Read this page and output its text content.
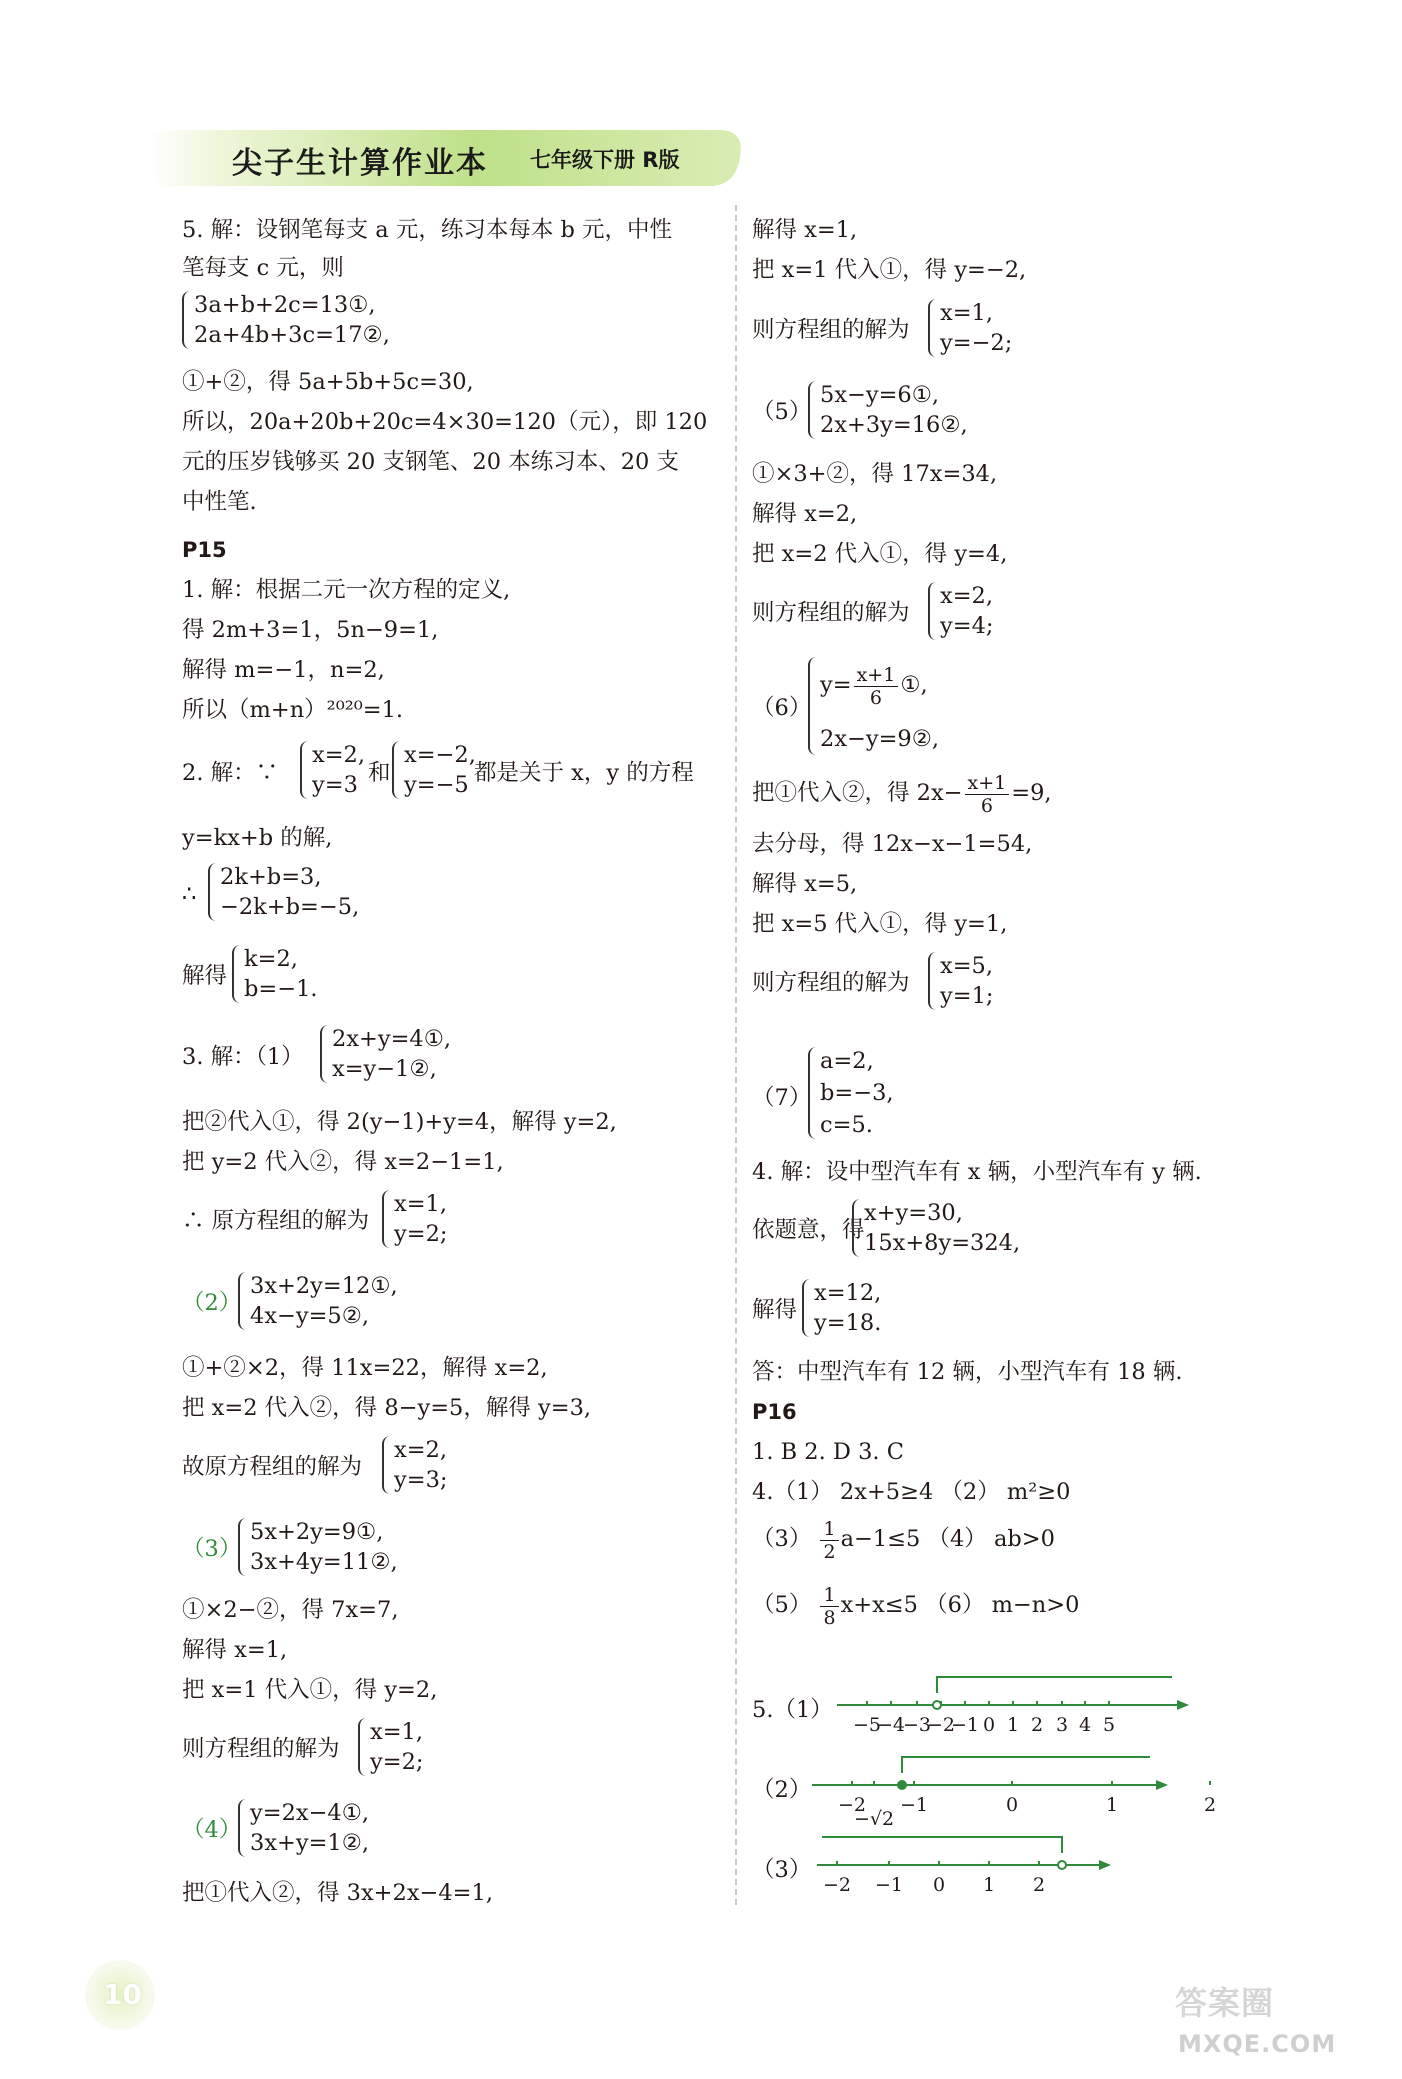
尖子生计算作业本 七年级下册 R版
5. 解：设钢笔每支 a 元，练习本每本 b 元，中性
笔每支 c 元，则
3a+b+2c=13①,
2a+4b+3c=17②,
①+②，得 5a+5b+5c=30,
所以，20a+20b+20c=4×30=120（元），即 120
元的压岁钱够买 20 支钢笔、20 本练习本、20 支
中性笔.
P15
1. 解：根据二元一次方程的定义,
得 2m+3=1，5n−9=1,
解得 m=−1，n=2,
所以（m+n）²⁰²⁰=1.
2. 解：∵
x=2,
y=3 和
x=−2,
y=−5 都是关于 x，y 的方程
y=kx+b 的解,
∴
2k+b=3,
−2k+b=−5,
解得
k=2,
b=−1.
3. 解：（1）
2x+y=4①,
x=y−1②,
把②代入①，得 2(y−1)+y=4，解得 y=2,
把 y=2 代入②，得 x=2−1=1,
∴ 原方程组的解为
x=1,
y=2;
（2）
3x+2y=12①,
4x−y=5②,
①+②×2，得 11x=22，解得 x=2,
把 x=2 代入②，得 8−y=5，解得 y=3,
故原方程组的解为
x=2,
y=3;
（3）
5x+2y=9①,
3x+4y=11②,
①×2−②，得 7x=7,
解得 x=1,
把 x=1 代入①，得 y=2,
则方程组的解为
x=1,
y=2;
（4）
y=2x−4①,
3x+y=1②,
把①代入②，得 3x+2x−4=1,
解得 x=1,
把 x=1 代入①，得 y=−2,
则方程组的解为
x=1,
y=−2;
（5）
5x−y=6①,
2x+3y=16②,
①×3+②，得 17x=34,
解得 x=2,
把 x=2 代入①，得 y=4,
则方程组的解为
x=2,
y=4;
（6）
$y= \frac{x+1}{6}$ ①,
2x−y=9②,
把①代入②，得 $2x- \frac{x+1}{6} =9$,
去分母，得 12x−x−1=54,
解得 x=5,
把 x=5 代入①，得 y=1,
则方程组的解为
x=5,
y=1;
（7）
a=2,
b=−3,
c=5.
4. 解：设中型汽车有 x 辆，小型汽车有 y 辆.
依题意，得
x+y=30,
15x+8y=324,
解得
x=12,
y=18.
答：中型汽车有 12 辆，小型汽车有 18 辆.
P16
1. B 2. D 3. C
4.（1） 2x+5≥4 （2） m²≥0
$(3) \frac{1}{2} a-1\le 5$ （4） ab>0
$(5) \frac{1}{8} x+x\le 5$ （6） m−n>0
5.（1）
−5
−4
−3
−2
−1 0 1 2 3 4 5
（2）
−2
−√2
−1	0	1	2
（3）
−2 −1 0 1 2
10	答案圈
MXQE.COM
